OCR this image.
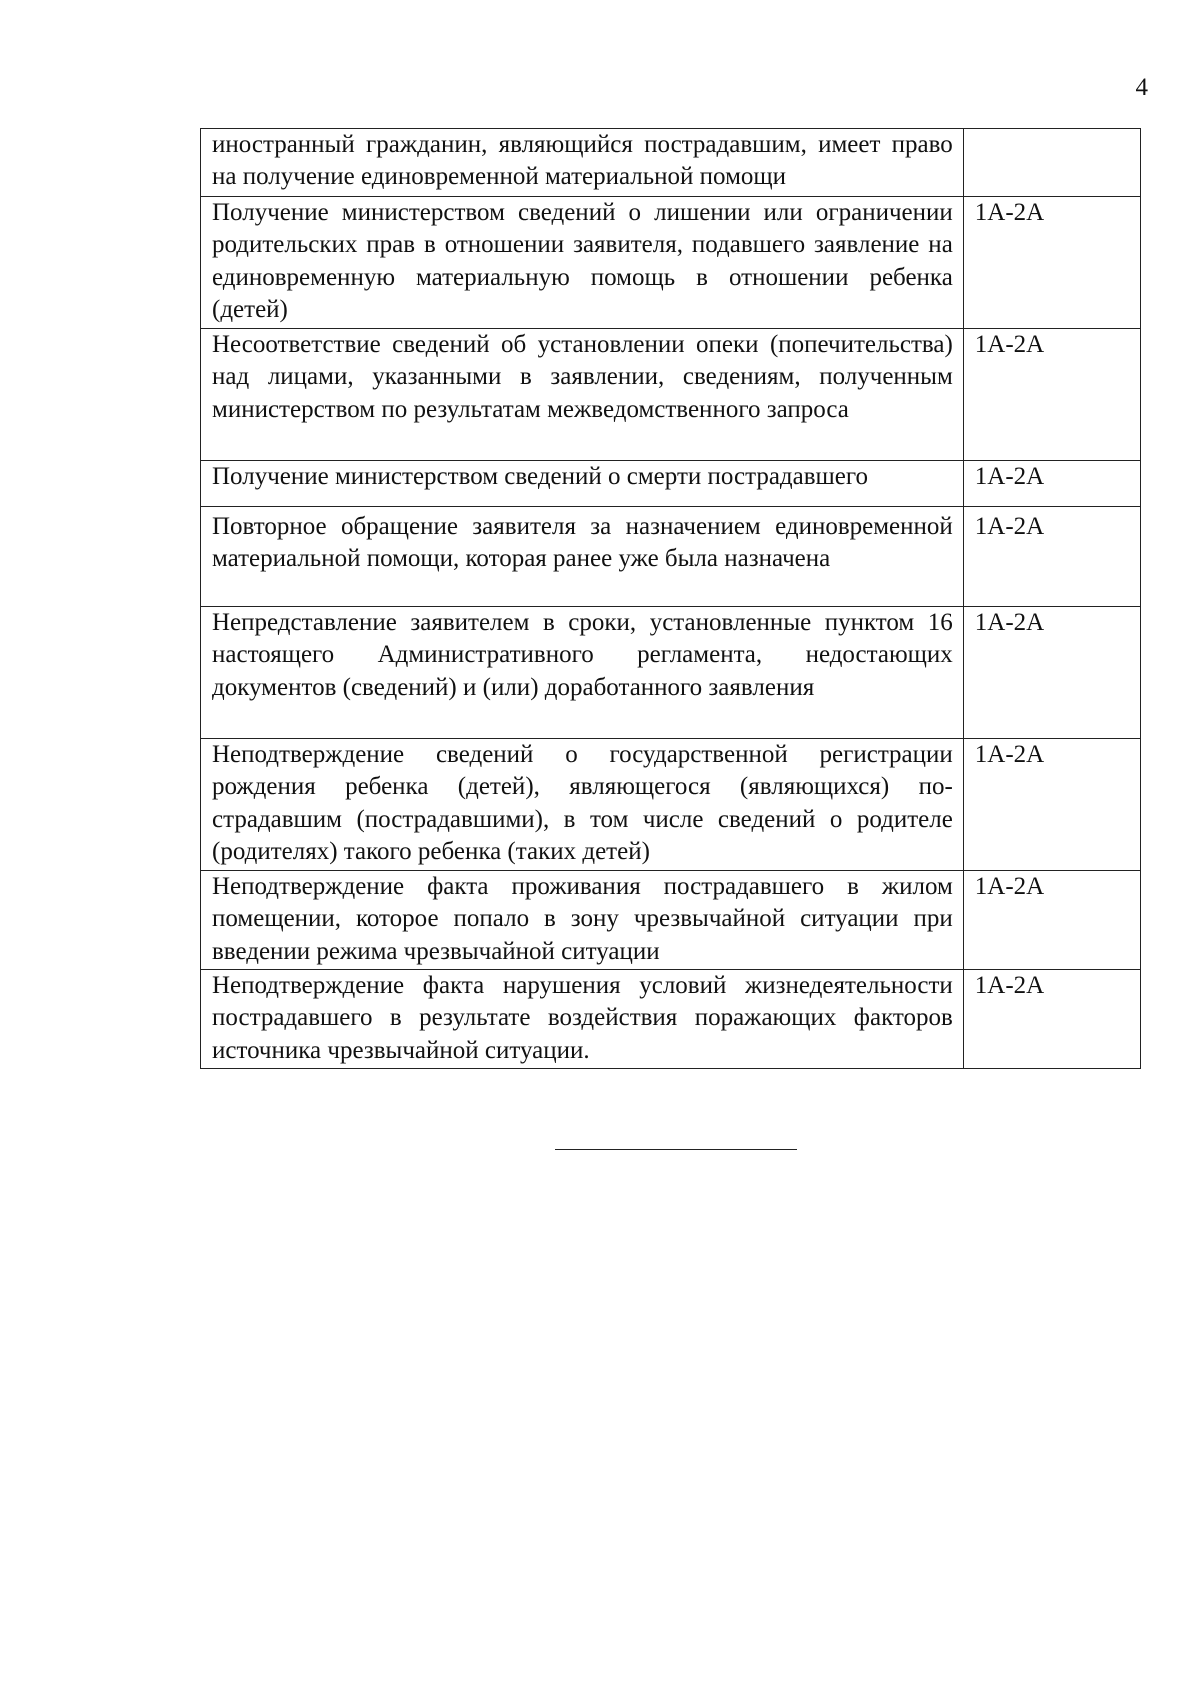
4
иностранный гражданин, являющийся пострадавшим, имеет право на получение единовременной материальной помощи	
Получение министерством сведений о лишении или ограничении родительских прав в отношении заявителя, подавшего заявление на единовременную материальную помощь в отношении ребенка (детей)	1А-2А
Несоответствие сведений об установлении опеки (попечительства) над лицами, указанными в заявлении, сведениям, полученным министерством по результатам межведомственного запроса	1А-2А
Получение министерством сведений о смерти пострадавшего	1А-2А
Повторное обращение заявителя за назначением единовременной материальной помощи, которая ранее уже была назначена	1А-2А
Непредставление заявителем в сроки, установленные пунктом 16 настоящего Административного регламента, недостающих документов (сведений) и (или) доработанного заявления	1А-2А
Неподтверждение сведений о государственной регистрации рождения ребенка (детей), являющегося (являющихся) пострадавшим (пострадавшими), в том числе сведений о родителе (родителях) такого ребенка (таких детей)	1А-2А
Неподтверждение факта проживания пострадавшего в жилом помещении, которое попало в зону чрезвычайной ситуации при введении режима чрезвычайной ситуации	1А-2А
Неподтверждение факта нарушения условий жизнедеятельности пострадавшего в результате воздействия поражающих факторов источника чрезвычайной ситуации.	1А-2А
